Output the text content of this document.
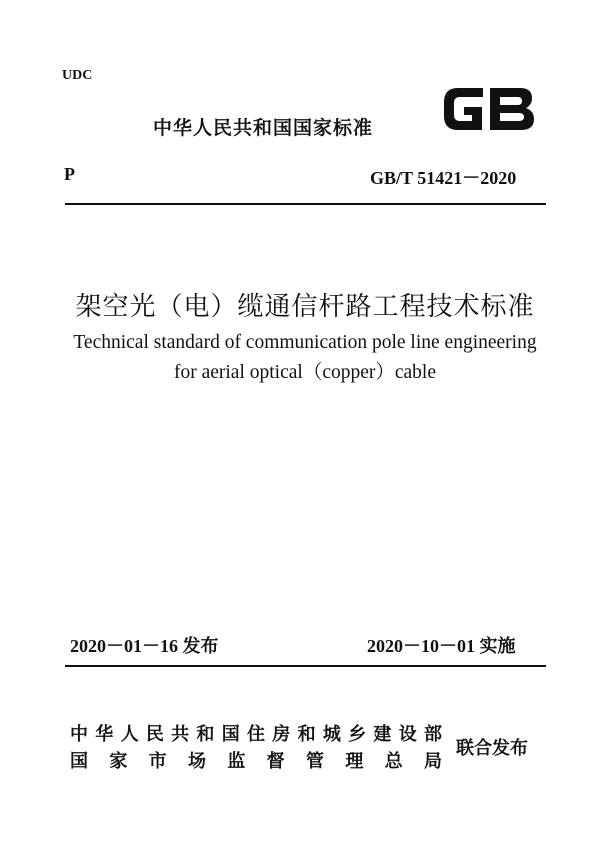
UDC
中华人民共和国国家标准
GB
P	GB/T 51421－2020
架空光（电）缆通信杆路工程技术标准
Technical standard of communication pole line engineering
for aerial optical（copper）cable
2020－01－16 发布	2020－10－01 实施
中华人民共和国住房和城乡建设部
国家市场监督管理总局
联合发布
